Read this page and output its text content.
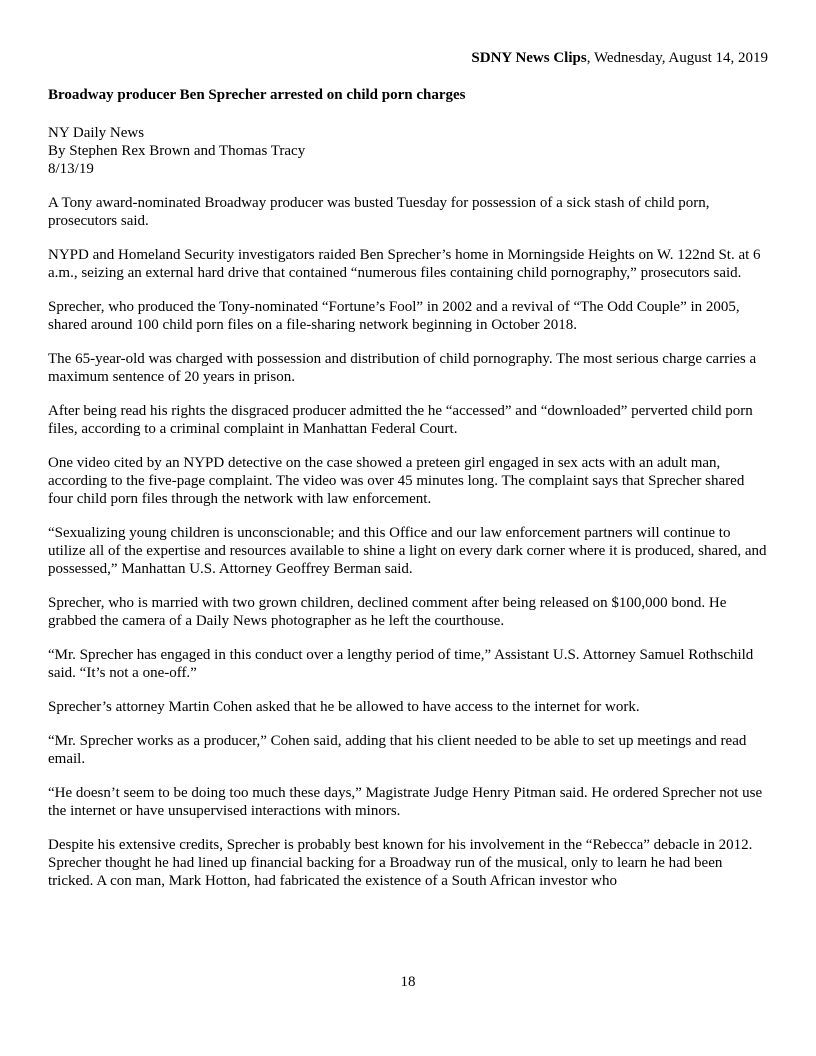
SDNY News Clips, Wednesday, August 14, 2019

Broadway producer Ben Sprecher arrested on child porn charges

NY Daily News
By Stephen Rex Brown and Thomas Tracy
8/13/19

A Tony award-nominated Broadway producer was busted Tuesday for possession of a sick stash of child porn, prosecutors said.

NYPD and Homeland Security investigators raided Ben Sprecher’s home in Morningside Heights on W. 122nd St. at 6 a.m., seizing an external hard drive that contained “numerous files containing child pornography,” prosecutors said.

Sprecher, who produced the Tony-nominated “Fortune’s Fool” in 2002 and a revival of “The Odd Couple” in 2005, shared around 100 child porn files on a file-sharing network beginning in October 2018.

The 65-year-old was charged with possession and distribution of child pornography. The most serious charge carries a maximum sentence of 20 years in prison.

After being read his rights the disgraced producer admitted the he “accessed” and “downloaded” perverted child porn files, according to a criminal complaint in Manhattan Federal Court.

One video cited by an NYPD detective on the case showed a preteen girl engaged in sex acts with an adult man, according to the five-page complaint. The video was over 45 minutes long. The complaint says that Sprecher shared four child porn files through the network with law enforcement.

“Sexualizing young children is unconscionable; and this Office and our law enforcement partners will continue to utilize all of the expertise and resources available to shine a light on every dark corner where it is produced, shared, and possessed,” Manhattan U.S. Attorney Geoffrey Berman said.

Sprecher, who is married with two grown children, declined comment after being released on $100,000 bond. He grabbed the camera of a Daily News photographer as he left the courthouse.

“Mr. Sprecher has engaged in this conduct over a lengthy period of time,” Assistant U.S. Attorney Samuel Rothschild said. “It’s not a one-off.”

Sprecher’s attorney Martin Cohen asked that he be allowed to have access to the internet for work.

“Mr. Sprecher works as a producer,” Cohen said, adding that his client needed to be able to set up meetings and read email.

“He doesn’t seem to be doing too much these days,” Magistrate Judge Henry Pitman said. He ordered Sprecher not use the internet or have unsupervised interactions with minors.

Despite his extensive credits, Sprecher is probably best known for his involvement in the “Rebecca” debacle in 2012. Sprecher thought he had lined up financial backing for a Broadway run of the musical, only to learn he had been tricked. A con man, Mark Hotton, had fabricated the existence of a South African investor who

18
